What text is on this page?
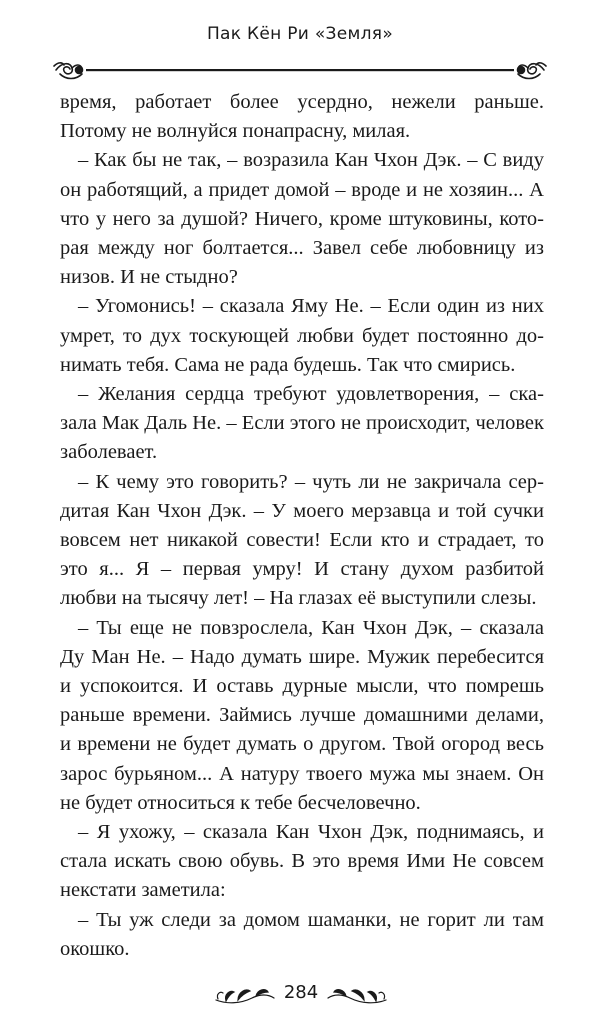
Пак Кён Ри «Земля»

время, работает более усердно, нежели раньше. Потому не волнуйся понапрасну, милая.

– Как бы не так, – возразила Кан Чхон Дэк. – С виду он работящий, а придет домой – вроде и не хозяин... А что у него за душой? Ничего, кроме штуковины, которая между ног болтается... Завел себе любовницу из низов. И не стыдно?

– Угомонись! – сказала Яму Не. – Если один из них умрет, то дух тоскующей любви будет постоянно донимать тебя. Сама не рада будешь. Так что смирись.

– Желания сердца требуют удовлетворения, – сказала Мак Даль Не. – Если этого не происходит, человек заболевает.

– К чему это говорить? – чуть ли не закричала сердитая Кан Чхон Дэк. – У моего мерзавца и той сучки вовсем нет никакой совести! Если кто и страдает, то это я... Я – первая умру! И стану духом разбитой любви на тысячу лет! – На глазах её выступили слезы.

– Ты еще не повзрослела, Кан Чхон Дэк, – сказала Ду Ман Не. – Надо думать шире. Мужик перебесится и успокоится. И оставь дурные мысли, что помрешь раньше времени. Займись лучше домашними делами, и времени не будет думать о другом. Твой огород весь зарос бурьяном... А натуру твоего мужа мы знаем. Он не будет относиться к тебе бесчеловечно.

– Я ухожу, – сказала Кан Чхон Дэк, поднимаясь, и стала искать свою обувь. В это время Ими Не совсем некстати заметила:

– Ты уж следи за домом шаманки, не горит ли там окошко.

284
